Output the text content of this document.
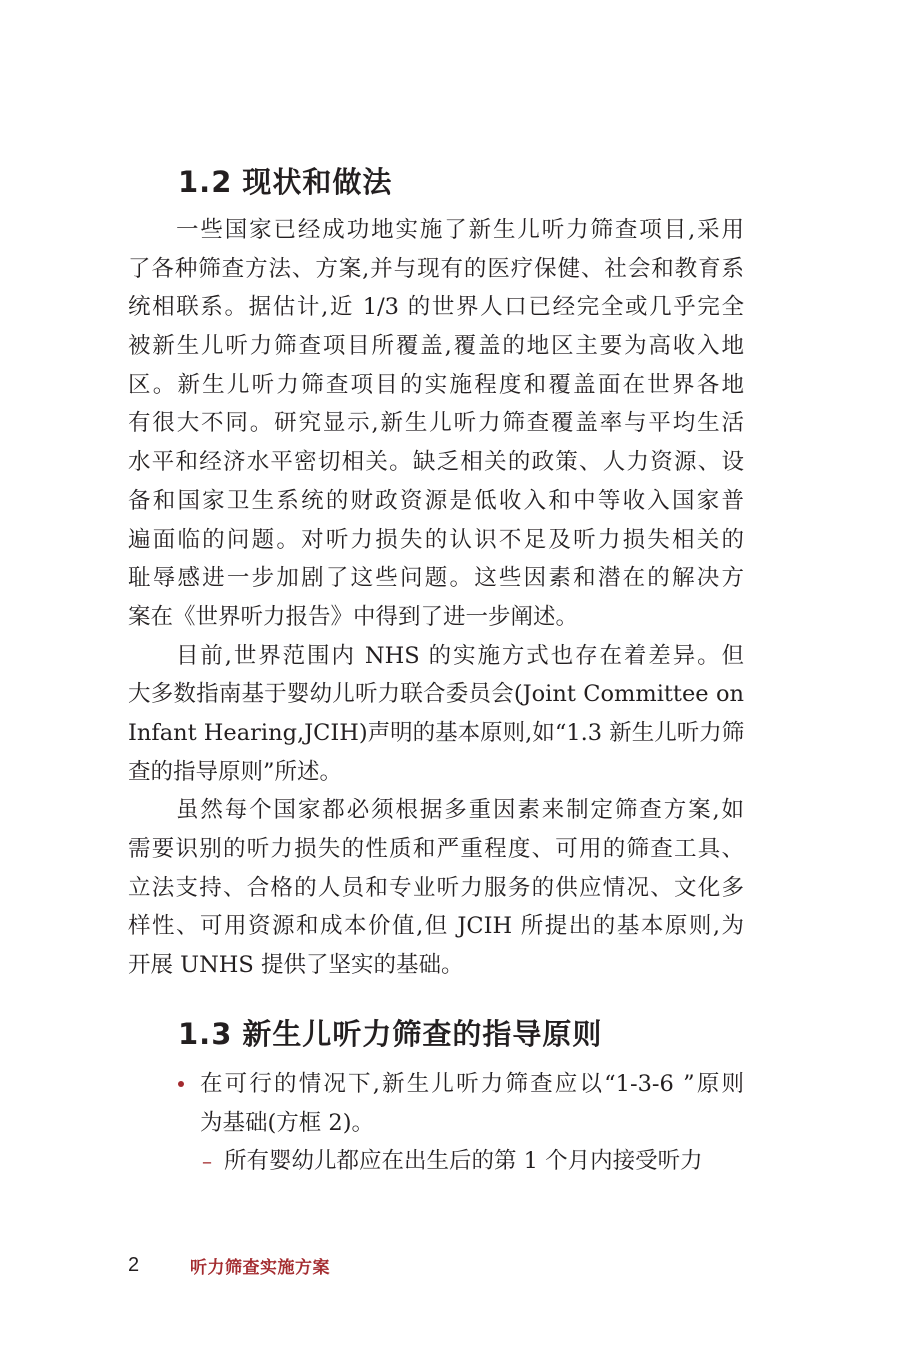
1.2 现状和做法

一些国家已经成功地实施了新生儿听力筛查项目,采用
了各种筛查方法、方案,并与现有的医疗保健、社会和教育系
统相联系。据估计,近 1/3 的世界人口已经完全或几乎完全
被新生儿听力筛查项目所覆盖,覆盖的地区主要为高收入地
区。新生儿听力筛查项目的实施程度和覆盖面在世界各地
有很大不同。研究显示,新生儿听力筛查覆盖率与平均生活
水平和经济水平密切相关。缺乏相关的政策、人力资源、设
备和国家卫生系统的财政资源是低收入和中等收入国家普
遍面临的问题。对听力损失的认识不足及听力损失相关的
耻辱感进一步加剧了这些问题。这些因素和潜在的解决方
案在《世界听力报告》中得到了进一步阐述。

目前,世界范围内 NHS 的实施方式也存在着差异。但
大多数指南基于婴幼儿听力联合委员会(Joint Committee on
Infant Hearing,JCIH)声明的基本原则,如“1.3 新生儿听力筛
查的指导原则”所述。

虽然每个国家都必须根据多重因素来制定筛查方案,如
需要识别的听力损失的性质和严重程度、可用的筛查工具、
立法支持、合格的人员和专业听力服务的供应情况、文化多
样性、可用资源和成本价值,但 JCIH 所提出的基本原则,为
开展 UNHS 提供了坚实的基础。

1.3 新生儿听力筛查的指导原则
在可行的情况下,新生儿听力筛查应以“1-3-6 ”原则
为基础(方框 2)。
– 所有婴幼儿都应在出生后的第 1 个月内接受听力
2	听力筛查实施方案
